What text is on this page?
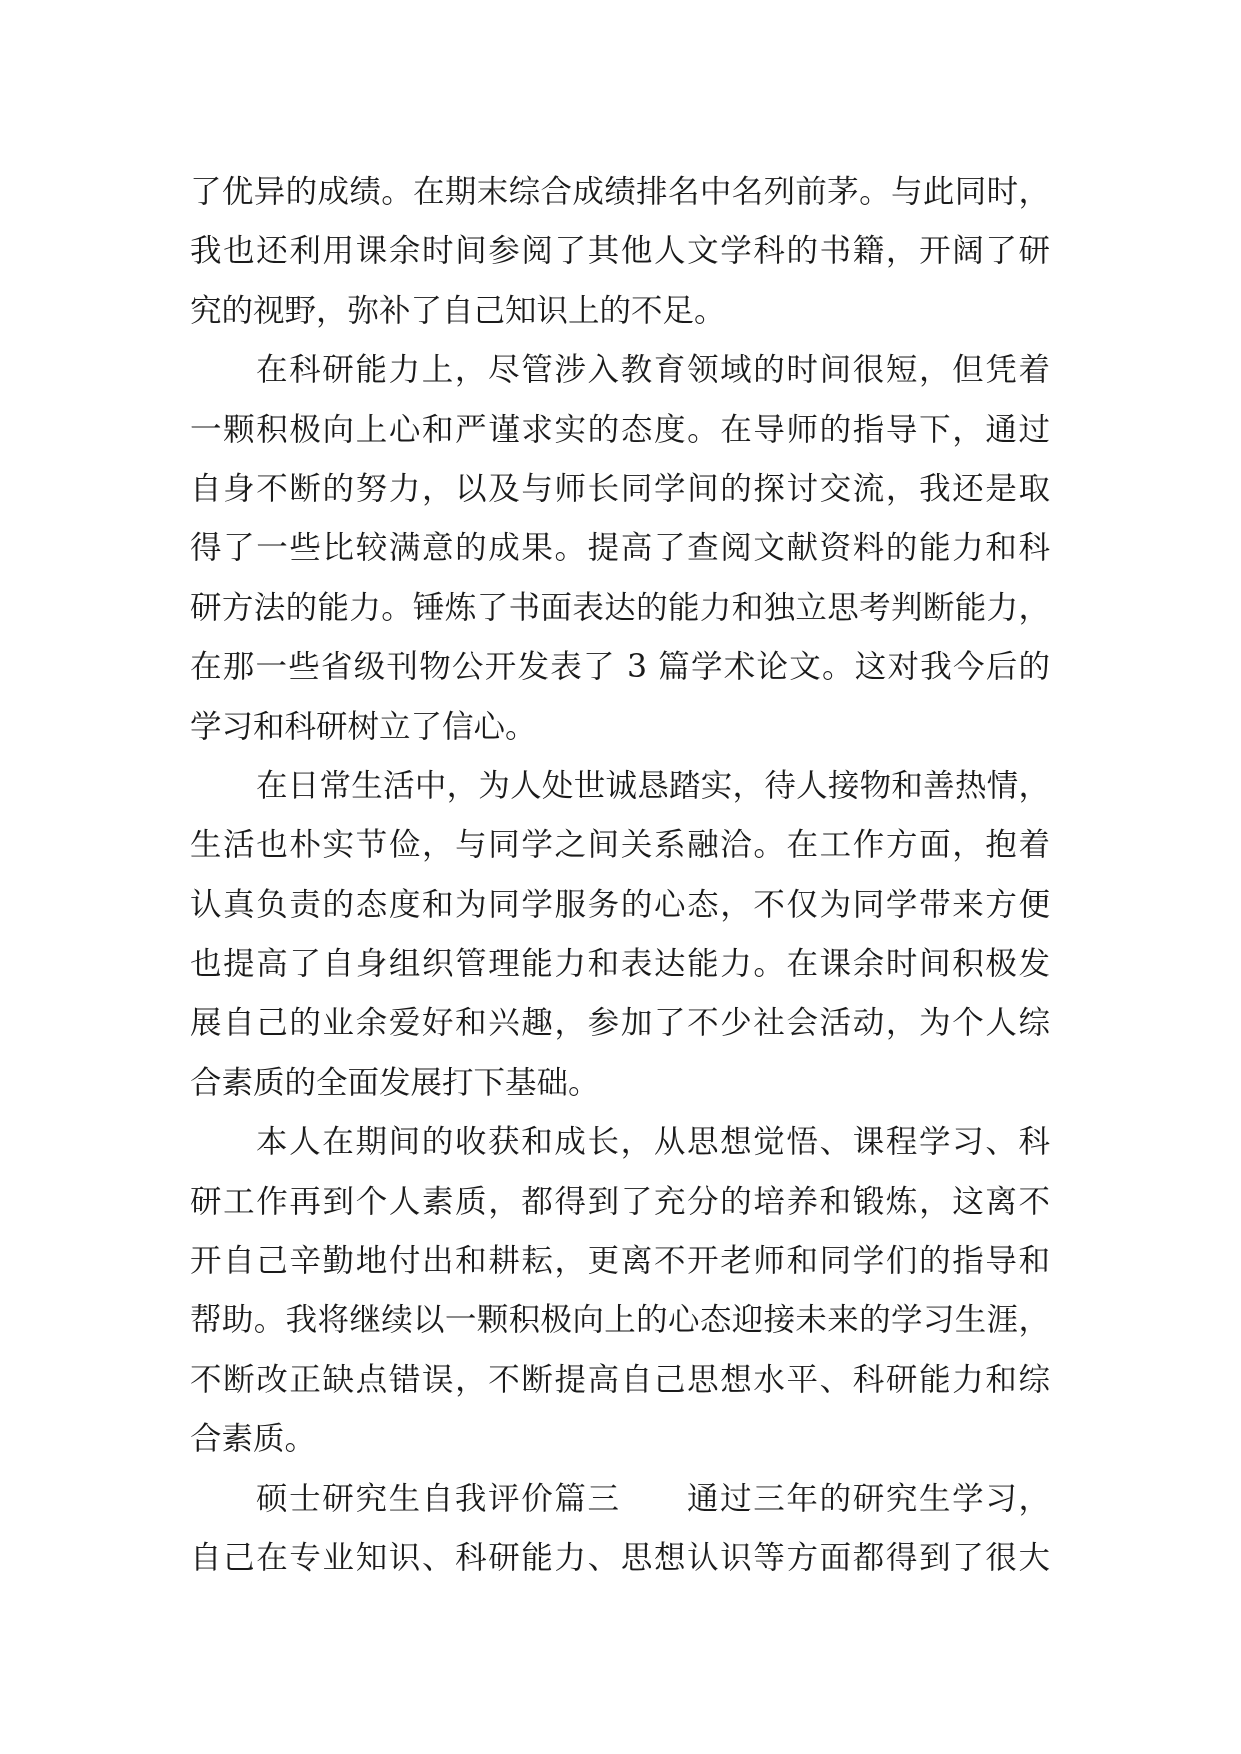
了优异的成绩。在期末综合成绩排名中名列前茅。与此同时，
我也还利用课余时间参阅了其他人文学科的书籍，开阔了研
究的视野，弥补了自己知识上的不足。
在科研能力上，尽管涉入教育领域的时间很短，但凭着
一颗积极向上心和严谨求实的态度。在导师的指导下，通过
自身不断的努力，以及与师长同学间的探讨交流，我还是取
得了一些比较满意的成果。提高了查阅文献资料的能力和科
研方法的能力。锤炼了书面表达的能力和独立思考判断能力，
在那一些省级刊物公开发表了 3 篇学术论文。这对我今后的
学习和科研树立了信心。
在日常生活中，为人处世诚恳踏实，待人接物和善热情，
生活也朴实节俭，与同学之间关系融洽。在工作方面，抱着
认真负责的态度和为同学服务的心态，不仅为同学带来方便
也提高了自身组织管理能力和表达能力。在课余时间积极发
展自己的业余爱好和兴趣，参加了不少社会活动，为个人综
合素质的全面发展打下基础。
本人在期间的收获和成长，从思想觉悟、课程学习、科
研工作再到个人素质，都得到了充分的培养和锻炼，这离不
开自己辛勤地付出和耕耘，更离不开老师和同学们的指导和
帮助。我将继续以一颗积极向上的心态迎接未来的学习生涯，
不断改正缺点错误，不断提高自己思想水平、科研能力和综
合素质。
硕士研究生自我评价篇三　　通过三年的研究生学习，
自己在专业知识、科研能力、思想认识等方面都得到了很大
